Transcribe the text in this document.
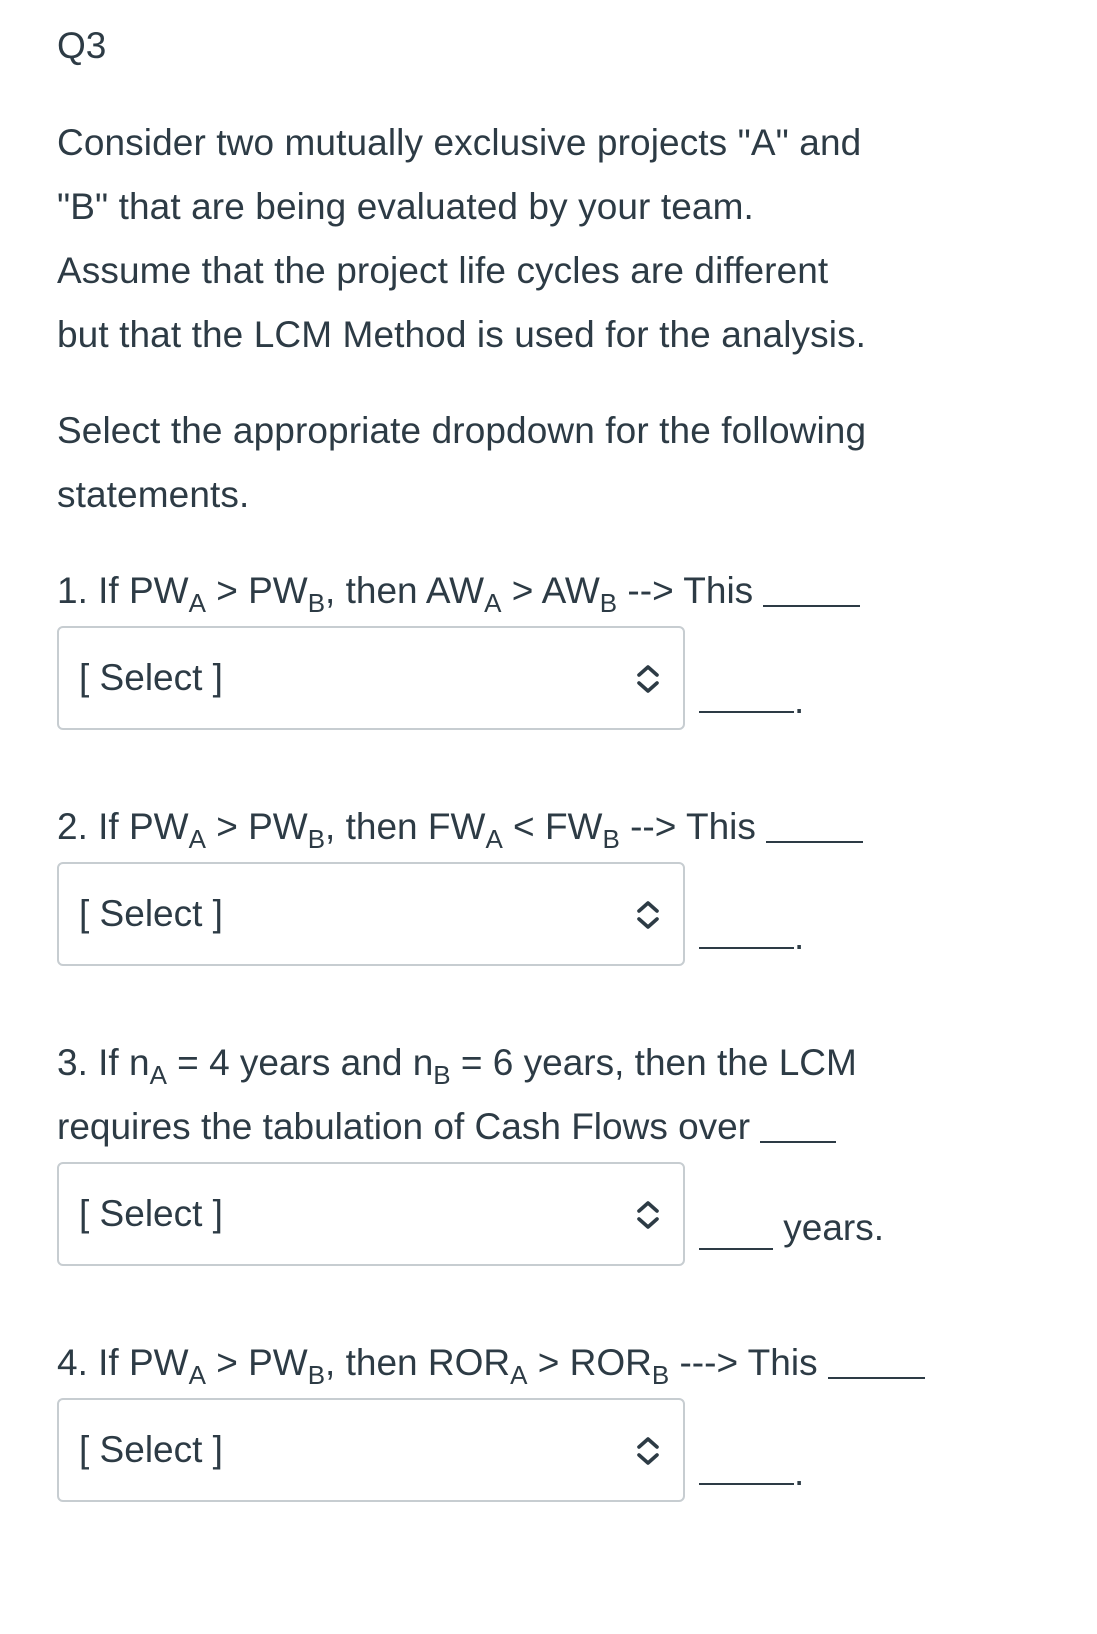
Q3
Consider two mutually exclusive projects "A" and
"B" that are being evaluated by your team.
Assume that the project life cycles are different
but that the LCM Method is used for the analysis.
Select the appropriate dropdown for the following
statements.
1. If $PW_A > PW_B$, then $AW_A > AW_B$ --> This
[ Select ]
.
2. If $PW_A > PW_B$, then $FW_A < FW_B$ --> This
[ Select ]
.
3. If $n_A = 4$ years and $n_B = 6$ years, then the LCM
requires the tabulation of Cash Flows over
[ Select ]	years.
4. If $PW_A > PW_B$, then $ROR_A > ROR_B$ ---> This
[ Select ]
.
